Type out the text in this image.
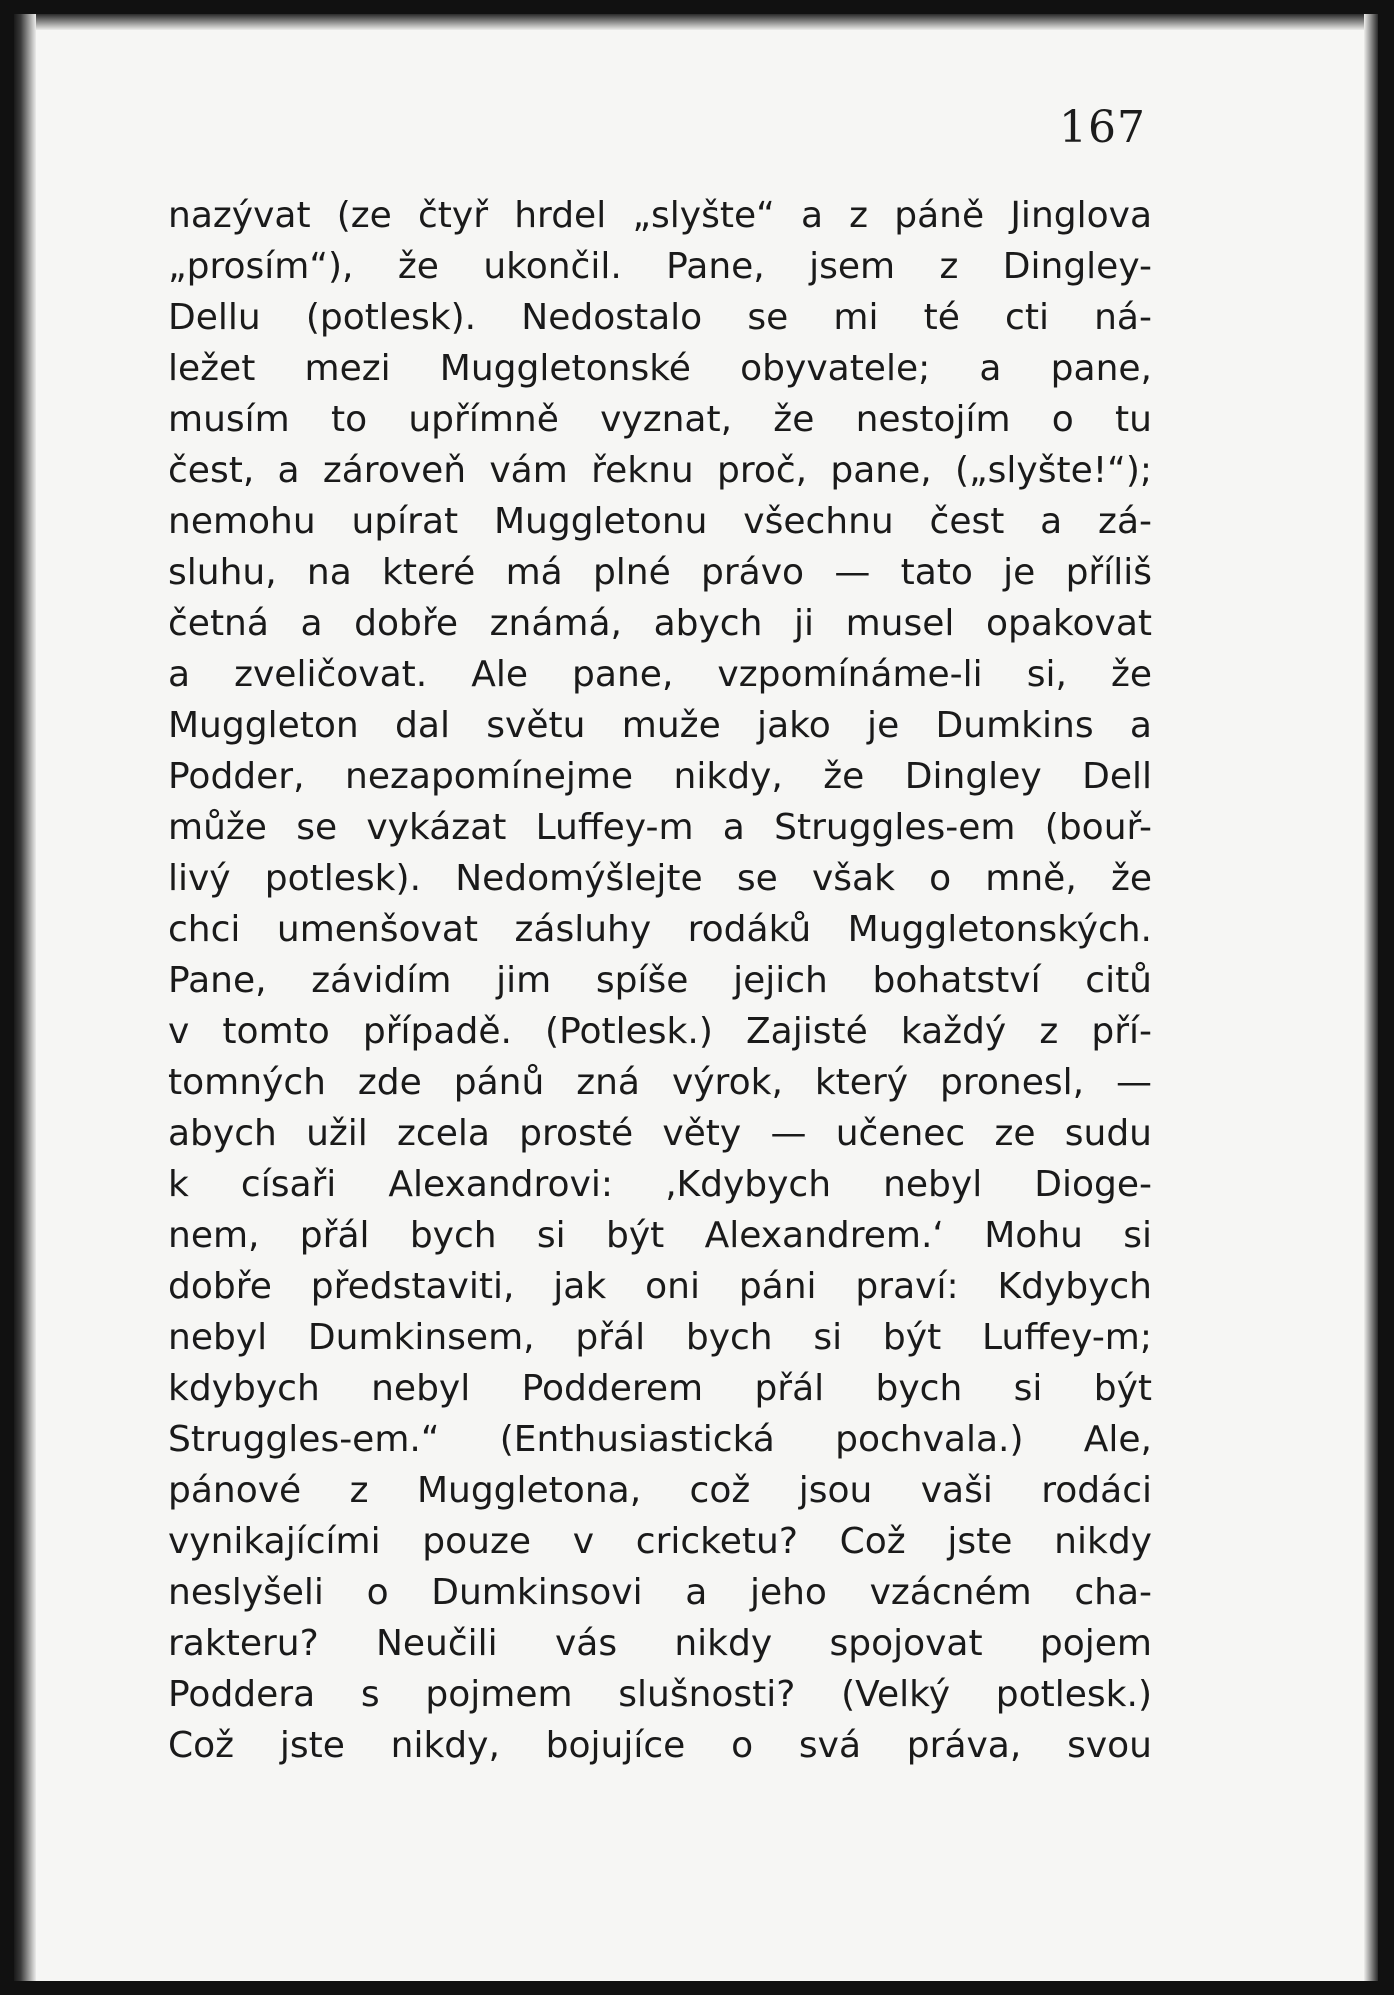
167
nazývat (ze čtyř hrdel „slyšte“ a z páně Jinglova
„prosím“), že ukončil. Pane, jsem z Dingley-
Dellu (potlesk). Nedostalo se mi té cti ná-
ležet mezi Muggletonské obyvatele; a pane,
musím to upřímně vyznat, že nestojím o tu
čest, a zároveň vám řeknu proč, pane, („slyšte!“);
nemohu upírat Muggletonu všechnu čest a zá-
sluhu, na které má plné právo — tato je příliš
četná a dobře známá, abych ji musel opakovat
a zveličovat. Ale pane, vzpomínáme-li si, že
Muggleton dal světu muže jako je Dumkins a
Podder, nezapomínejme nikdy, že Dingley Dell
může se vykázat Luffey-m a Struggles-em (bouř-
livý potlesk). Nedomýšlejte se však o mně, že
chci umenšovat zásluhy rodáků Muggletonských.
Pane, závidím jim spíše jejich bohatství citů
v tomto případě. (Potlesk.) Zajisté každý z pří-
tomných zde pánů zná výrok, který pronesl, —
abych užil zcela prosté věty — učenec ze sudu
k císaři Alexandrovi: ‚Kdybych nebyl Dioge-
nem, přál bych si být Alexandrem.‘ Mohu si
dobře představiti, jak oni páni praví: Kdybych
nebyl Dumkinsem, přál bych si být Luffey-m;
kdybych nebyl Podderem přál bych si být
Struggles-em.“ (Enthusiastická pochvala.) Ale,
pánové z Muggletona, což jsou vaši rodáci
vynikajícími pouze v cricketu? Což jste nikdy
neslyšeli o Dumkinsovi a jeho vzácném cha-
rakteru? Neučili vás nikdy spojovat pojem
Poddera s pojmem slušnosti? (Velký potlesk.)
Což jste nikdy, bojujíce o svá práva, svou
